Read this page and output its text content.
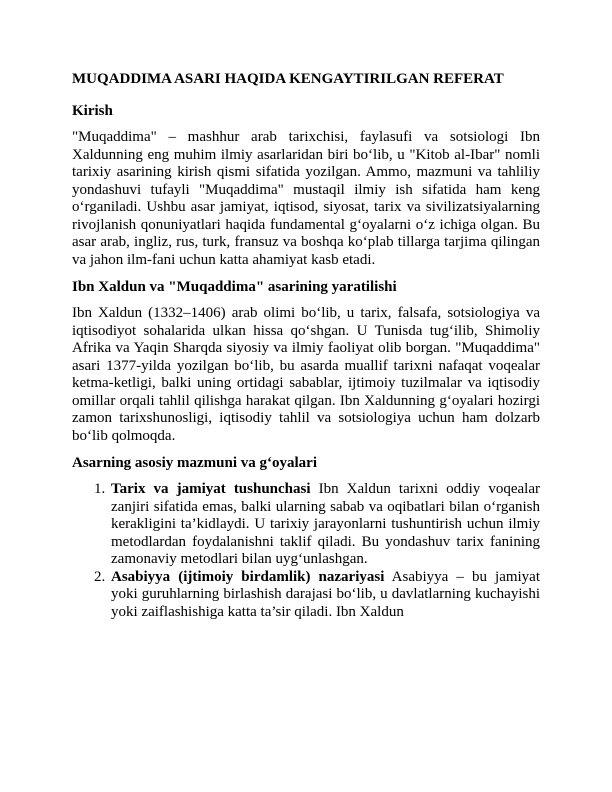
MUQADDIMA ASARI HAQIDA KENGAYTIRILGAN REFERAT
Kirish

"Muqaddima" – mashhur arab tarixchisi, faylasufi va sotsiologi Ibn Xaldunning eng muhim ilmiy asarlaridan biri bo‘lib, u "Kitob al-Ibar" nomli tarixiy asarining kirish qismi sifatida yozilgan. Ammo, mazmuni va tahliliy yondashuvi tufayli "Muqaddima" mustaqil ilmiy ish sifatida ham keng o‘rganiladi. Ushbu asar jamiyat, iqtisod, siyosat, tarix va sivilizatsiyalarning rivojlanish qonuniyatlari haqida fundamental g‘oyalarni o‘z ichiga olgan. Bu asar arab, ingliz, rus, turk, fransuz va boshqa ko‘plab tillarga tarjima qilingan va jahon ilm-fani uchun katta ahamiyat kasb etadi.

Ibn Xaldun va "Muqaddima" asarining yaratilishi

Ibn Xaldun (1332–1406) arab olimi bo‘lib, u tarix, falsafa, sotsiologiya va iqtisodiyot sohalarida ulkan hissa qo‘shgan. U Tunisda tug‘ilib, Shimoliy Afrika va Yaqin Sharqda siyosiy va ilmiy faoliyat olib borgan. "Muqaddima" asari 1377-yilda yozilgan bo‘lib, bu asarda muallif tarixni nafaqat voqealar ketma-ketligi, balki uning ortidagi sabablar, ijtimoiy tuzilmalar va iqtisodiy omillar orqali tahlil qilishga harakat qilgan. Ibn Xaldunning g‘oyalari hozirgi zamon tarixshunosligi, iqtisodiy tahlil va sotsiologiya uchun ham dolzarb bo‘lib qolmoqda.

Asarning asosiy mazmuni va g‘oyalari
1. Tarix va jamiyat tushunchasi Ibn Xaldun tarixni oddiy voqealar zanjiri sifatida emas, balki ularning sabab va oqibatlari bilan o‘rganish kerakligini ta’kidlaydi. U tarixiy jarayonlarni tushuntirish uchun ilmiy metodlardan foydalanishni taklif qiladi. Bu yondashuv tarix fanining zamonaviy metodlari bilan uyg‘unlashgan.
2. Asabiyya (ijtimoiy birdamlik) nazariyasi Asabiyya – bu jamiyat yoki guruhlarning birlashish darajasi bo‘lib, u davlatlarning kuchayishi yoki zaiflashishiga katta ta’sir qiladi. Ibn Xaldun
